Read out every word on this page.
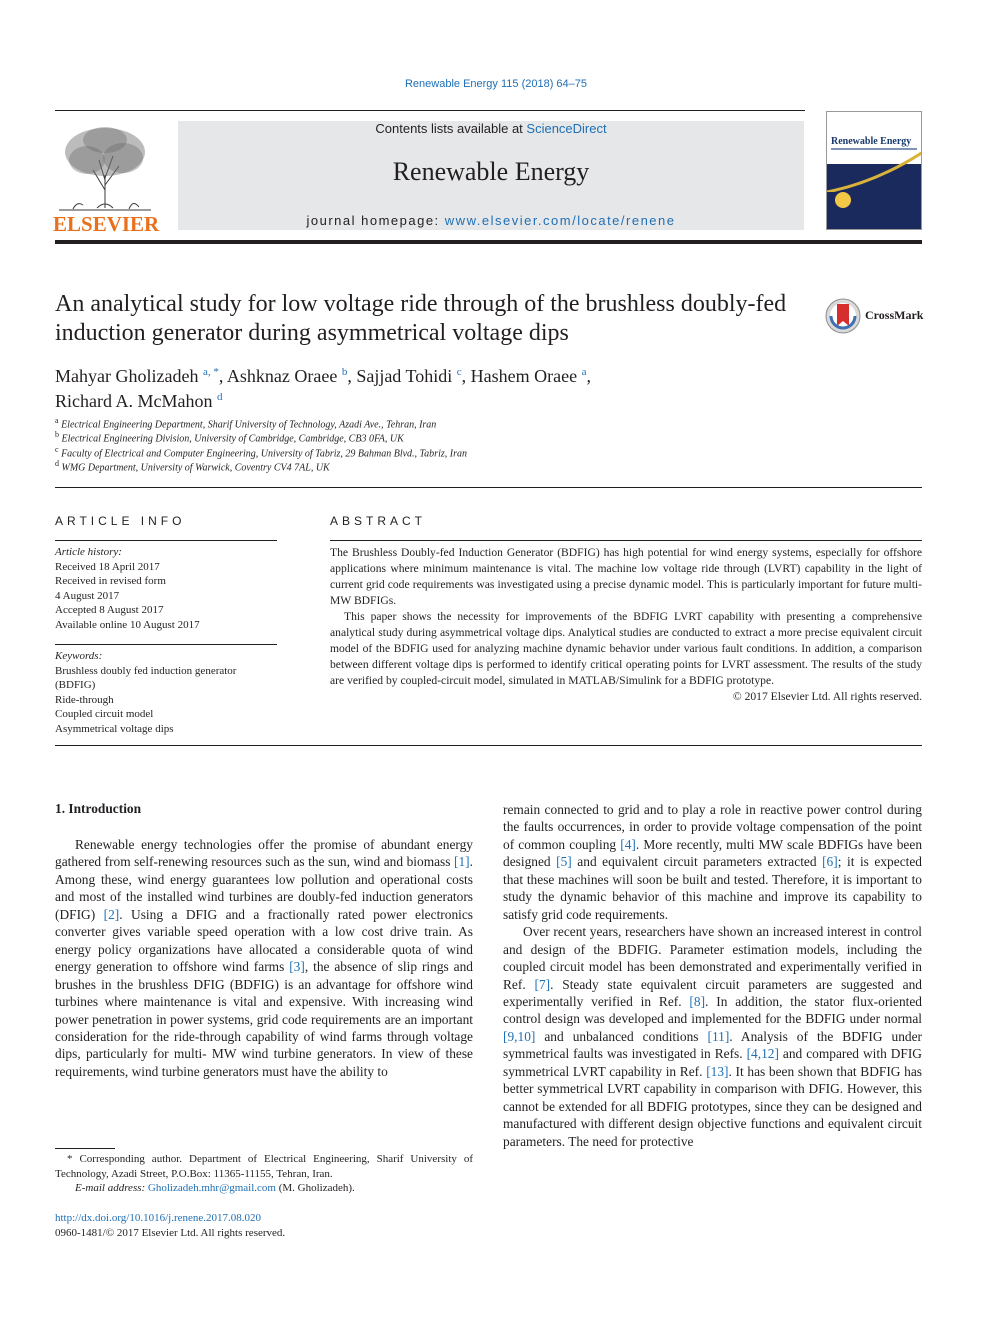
Renewable Energy 115 (2018) 64–75
ELSEVIER
Contents lists available at ScienceDirect
Renewable Energy
journal homepage: www.elsevier.com/locate/renene
Renewable Energy
An analytical study for low voltage ride through of the brushless doubly-fed induction generator during asymmetrical voltage dips
CrossMark
Mahyar Gholizadeh $^{a, *}$, Ashknaz Oraee $^b$, Sajjad Tohidi $^c$, Hashem Oraee $^a$,
Richard A. McMahon $^d$
$^a$ Electrical Engineering Department, Sharif University of Technology, Azadi Ave., Tehran, Iran
$^b$ Electrical Engineering Division, University of Cambridge, Cambridge, CB3 0FA, UK
$^c$ Faculty of Electrical and Computer Engineering, University of Tabriz, 29 Bahman Blvd., Tabriz, Iran
$^d$ WMG Department, University of Warwick, Coventry CV4 7AL, UK
ARTICLE INFO
Article history:
Received 18 April 2017
Received in revised form
4 August 2017
Accepted 8 August 2017
Available online 10 August 2017
Keywords:
Brushless doubly fed induction generator
(BDFIG)
Ride-through
Coupled circuit model
Asymmetrical voltage dips
ABSTRACT

The Brushless Doubly-fed Induction Generator (BDFIG) has high potential for wind energy systems, especially for offshore applications where minimum maintenance is vital. The machine low voltage ride through (LVRT) capability in the light of current grid code requirements was investigated using a precise dynamic model. This is particularly important for future multi- MW BDFIGs.

This paper shows the necessity for improvements of the BDFIG LVRT capability with presenting a comprehensive analytical study during asymmetrical voltage dips. Analytical studies are conducted to extract a more precise equivalent circuit model of the BDFIG used for analyzing machine dynamic behavior under various fault conditions. In addition, a comparison between different voltage dips is performed to identify critical operating points for LVRT assessment. The results of the study are verified by coupled-circuit model, simulated in MATLAB/Simulink for a BDFIG prototype.

© 2017 Elsevier Ltd. All rights reserved.
1. Introduction

Renewable energy technologies offer the promise of abundant energy gathered from self-renewing resources such as the sun, wind and biomass [1]. Among these, wind energy guarantees low pollution and operational costs and most of the installed wind turbines are doubly-fed induction generators (DFIG) [2]. Using a DFIG and a fractionally rated power electronics converter gives variable speed operation with a low cost drive train. As energy policy organizations have allocated a considerable quota of wind energy generation to offshore wind farms [3], the absence of slip rings and brushes in the brushless DFIG (BDFIG) is an advantage for offshore wind turbines where maintenance is vital and expensive. With increasing wind power penetration in power systems, grid code requirements are an important consideration for the ride-through capability of wind farms through voltage dips, particularly for multi- MW wind turbine generators. In view of these requirements, wind turbine generators must have the ability to

remain connected to grid and to play a role in reactive power control during the faults occurrences, in order to provide voltage compensation of the point of common coupling [4]. More recently, multi MW scale BDFIGs have been designed [5] and equivalent circuit parameters extracted [6]; it is expected that these machines will soon be built and tested. Therefore, it is important to study the dynamic behavior of this machine and improve its capability to satisfy grid code requirements.

Over recent years, researchers have shown an increased interest in control and design of the BDFIG. Parameter estimation models, including the coupled circuit model has been demonstrated and experimentally verified in Ref. [7]. Steady state equivalent circuit parameters are suggested and experimentally verified in Ref. [8]. In addition, the stator flux-oriented control design was developed and implemented for the BDFIG under normal [9,10] and unbalanced conditions [11]. Analysis of the BDFIG under symmetrical faults was investigated in Refs. [4,12] and compared with DFIG symmetrical LVRT capability in Ref. [13]. It has been shown that BDFIG has better symmetrical LVRT capability in comparison with DFIG. However, this cannot be extended for all BDFIG prototypes, since they can be designed and manufactured with different design objective functions and equivalent circuit parameters. The need for protective

* Corresponding author. Department of Electrical Engineering, Sharif University of Technology, Azadi Street, P.O.Box: 11365-11155, Tehran, Iran.
E-mail address: Gholizadeh.mhr@gmail.com (M. Gholizadeh).
http://dx.doi.org/10.1016/j.renene.2017.08.020
0960-1481/© 2017 Elsevier Ltd. All rights reserved.
